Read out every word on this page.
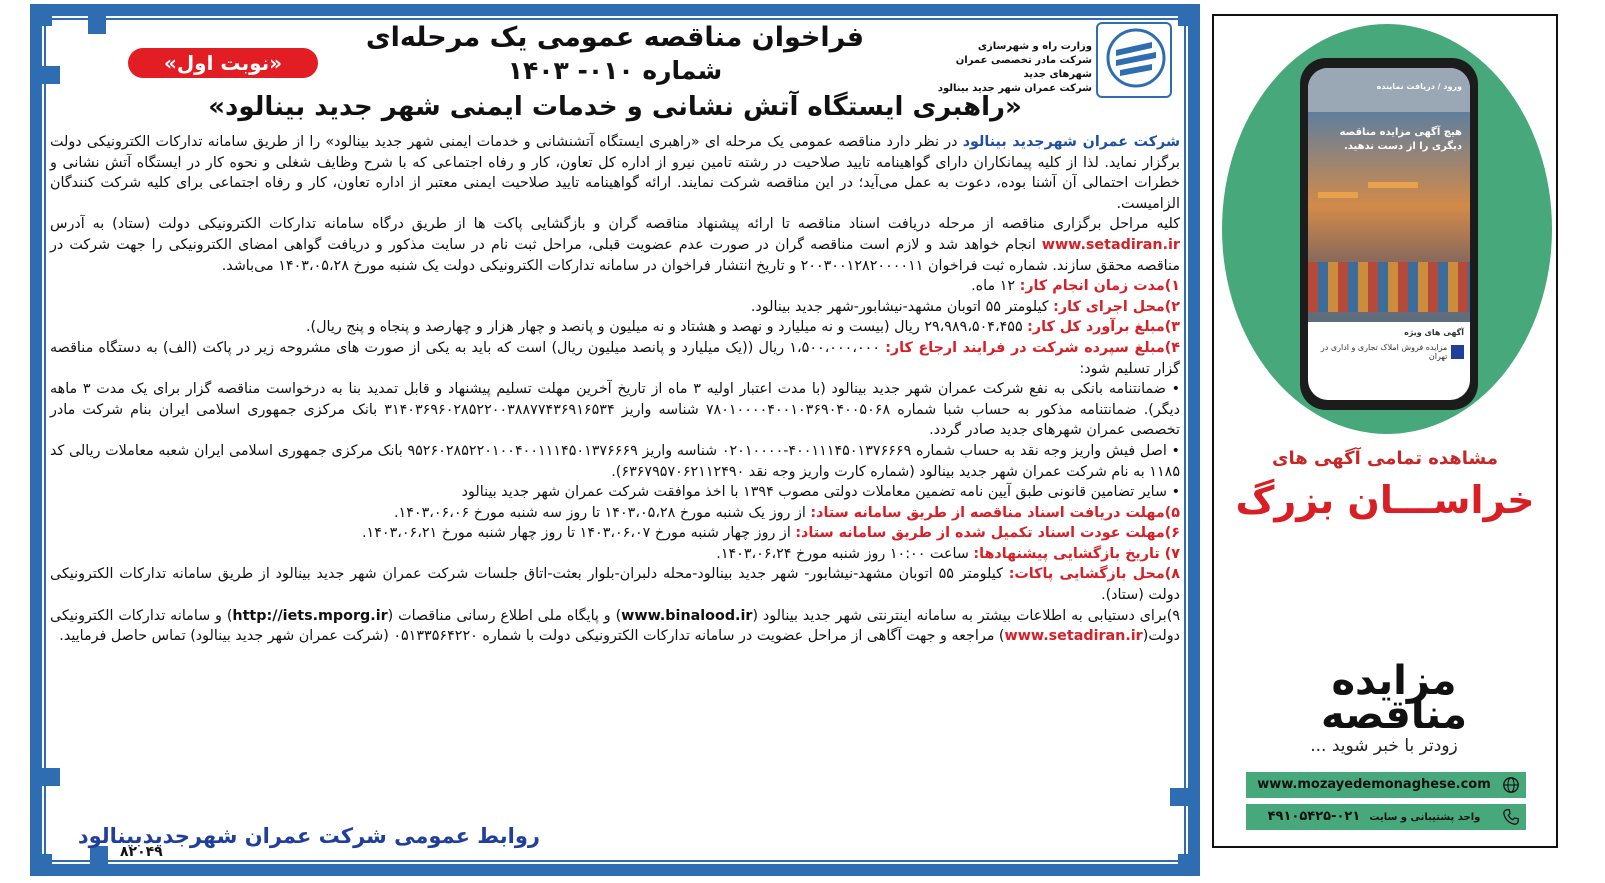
وزارت راه و شهرسازی
شرکت مادر تخصصی عمران شهرهای جدید
شرکت عمران شهر جدید بینالود
فراخوان مناقصه عمومی یک مرحله‌ای
شماره ۰۱۰- ۱۴۰۳
«راهبری ایستگاه آتش نشانی و خدمات ایمنی شهر جدید بینالود»
«نوبت اول»

شرکت عمران شهرجدید بینالود در نظر دارد مناقصه عمومی یک مرحله ای «راهبری ایستگاه آتشنشانی و خدمات ایمنی شهر جدید بینالود» را از طریق سامانه تدارکات الکترونیکی دولت برگزار نماید. لذا از کلیه پیمانکاران دارای گواهینامه تایید صلاحیت در رشته تامین نیرو از اداره کل تعاون، کار و رفاه اجتماعی که با شرح وظایف شغلی و نحوه کار در ایستگاه آتش نشانی و خطرات احتمالی آن آشنا بوده، دعوت به عمل می‌آید؛ در این مناقصه شرکت نمایند. ارائه گواهینامه تایید صلاحیت ایمنی معتبر از اداره تعاون، کار و رفاه اجتماعی برای کلیه شرکت کنندگان الزامیست.

کلیه مراحل برگزاری مناقصه از مرحله دریافت اسناد مناقصه تا ارائه پیشنهاد مناقصه گران و بازگشایی پاکت ها از طریق درگاه سامانه تدارکات الکترونیکی دولت (ستاد) به آدرس www.setadiran.ir انجام خواهد شد و لازم است مناقصه گران در صورت عدم عضویت قبلی، مراحل ثبت نام در سایت مذکور و دریافت گواهی امضای الکترونیکی را جهت شرکت در مناقصه محقق سازند. شماره ثبت فراخوان ۲۰۰۳۰۰۱۲۸۲۰۰۰۰۱۱ و تاریخ انتشار فراخوان در سامانه تدارکات الکترونیکی دولت یک شنبه مورخ ۱۴۰۳،۰۵،۲۸ می‌باشد.

۱)مدت زمان انجام کار: ۱۲ ماه.

۲)محل اجرای کار: کیلومتر ۵۵ اتوبان مشهد-نیشابور-شهر جدید بینالود.

۳)مبلغ برآورد کل کار: ۲۹،۹۸۹،۵۰۴،۴۵۵ ریال (بیست و نه میلیارد و نهصد و هشتاد و نه میلیون و پانصد و چهار هزار و چهارصد و پنجاه و پنج ریال).

۴)مبلغ سپرده شرکت در فرایند ارجاع کار: ۱،۵۰۰،۰۰۰،۰۰۰ ریال ((یک میلیارد و پانصد میلیون ریال) است که باید به یکی از صورت های مشروحه زیر در پاکت (الف) به دستگاه مناقصه گزار تسلیم شود:

• ضمانتنامه بانکی به نفع شرکت عمران شهر جدید بینالود (با مدت اعتبار اولیه ۳ ماه از تاریخ آخرین مهلت تسلیم پیشنهاد و قابل تمدید بنا به درخواست مناقصه گزار برای یک مدت ۳ ماهه دیگر). ضمانتنامه مذکور به حساب شبا شماره ۷۸۰۱۰۰۰۰۴۰۰۱۰۳۶۹۰۴۰۰۵۰۶۸ شناسه واریز ۳۱۴۰۳۶۹۶۰۲۸۵۲۲۰۰۳۸۸۷۷۴۳۶۹۱۶۵۳۴ بانک مرکزی جمهوری اسلامی ایران بنام شرکت مادر تخصصی عمران شهرهای جدید صادر گردد.

• اصل فیش واریز وجه نقد به حساب شماره ۴۰۰۱۱۱۴۵۰۱۳۷۶۶۶۹-۰۲۰۱۰۰۰۰ شناسه واریز ۹۵۲۶۰۲۸۵۲۲۰۱۰۰۴۰۰۱۱۱۴۵۰۱۳۷۶۶۶۹ بانک مرکزی جمهوری اسلامی ایران شعبه معاملات ریالی کد ۱۱۸۵ به نام شرکت عمران شهر جدید بینالود (شماره کارت واریز وجه نقد ۶۳۶۷۹۵۷۰۶۲۱۱۲۴۹۰).

• سایر تضامین قانونی طبق آیین نامه تضمین معاملات دولتی مصوب ۱۳۹۴ با اخذ موافقت شرکت عمران شهر جدید بینالود

۵)مهلت دریافت اسناد مناقصه از طریق سامانه ستاد: از روز یک شنبه مورخ ۱۴۰۳،۰۵،۲۸ تا روز سه شنبه مورخ ۱۴۰۳،۰۶،۰۶.

۶)مهلت عودت اسناد تکمیل شده از طریق سامانه ستاد: از روز چهار شنبه مورخ ۱۴۰۳،۰۶،۰۷ تا روز چهار شنبه مورخ ۱۴۰۳،۰۶،۲۱.

۷) تاریخ بازگشایی پیشنهادها: ساعت ۱۰:۰۰ روز شنبه مورخ ۱۴۰۳،۰۶،۲۴.

۸)محل بازگشایی پاکات: کیلومتر ۵۵ اتوبان مشهد-نیشابور- شهر جدید بینالود-محله دلبران-بلوار بعثت-اتاق جلسات شرکت عمران شهر جدید بینالود از طریق سامانه تدارکات الکترونیکی دولت (ستاد).

۹)برای دستیابی به اطلاعات بیشتر به سامانه اینترنتی شهر جدید بینالود (www.binalood.ir) و پایگاه ملی اطلاع رسانی مناقصات (http://iets.mporg.ir) و سامانه تدارکات الکترونیکی دولت(www.setadiran.ir) مراجعه و جهت آگاهی از مراحل عضویت در سامانه تدارکات الکترونیکی دولت با شماره ۰۵۱۳۳۵۶۴۲۲۰ (شرکت عمران شهر جدید بینالود) تماس حاصل فرمایید.

روابط عمومی شرکت عمران شهرجدیدبینالود
۸۲۰۴۹
ورود / دریافت نماینده
هیچ آگهی مزایده مناقصه دیگری را از دست ندهید.
آگهی های ویژه
مزایده فروش املاک تجاری و اداری در تهران
مشاهده تمامی آگهی های
خراســـان بزرگ
مزایده مناقصه
زودتر با خبر شوید ...
www.mozayedemonaghese.com
واحد پشتیبانی و سایت  ۰۲۱-۴۹۱۰۵۴۲۵
